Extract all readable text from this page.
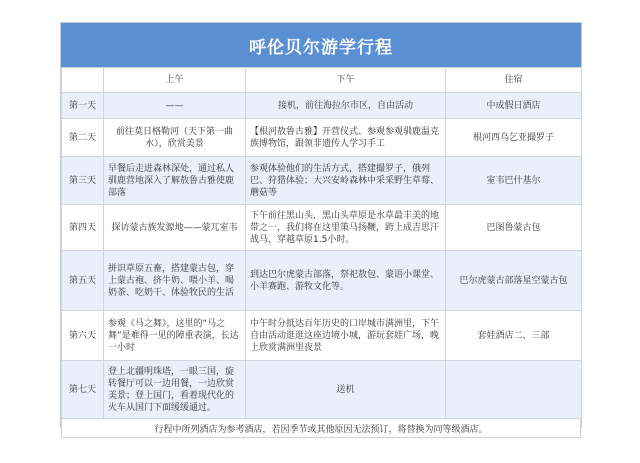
呼伦贝尔游学行程
	上午	下午	住宿
第一天	——	接机，前往海拉尔市区，自由活动	中成假日酒店
第二天	前往莫日格勒河（天下第一曲水），欣赏美景	【根河敖鲁古雅】开营仪式、参观参观驯鹿温克族博物馆，跟领非遗传人学习手工	根河西乌乞亚撮罗子
第三天	早餐后走进森林深处，通过私人驯鹿营地深入了解敖鲁古雅使鹿部落	参观体验他们的生活方式，搭建撮罗子，俄列巴、狩猎体验；大兴安岭森林中采采野生草莓、蘑菇等	室韦巴什基尔
第四天	探访蒙古族发源地——蒙兀室韦	下午前往黑山头，黑山头草原是水草最丰美的地带之一，我们将在这里策马扬鞭，跨上成吉思汗战马，穿越草原1.5小时。	巴图鲁蒙古包
第五天	拼识草原五畜，搭建蒙古包，穿上蒙古袍、挤牛奶、喂小羊、喝奶茶、吃奶干、体验牧民的生活	到达巴尔虎蒙古部落，祭祀敖包、蒙语小课堂、小羊赛跑、游牧文化等。	巴尔虎蒙古部落星空蒙古包
第六天	参观《马之舞》，这里的“马之舞”是难得一见的障重表演，长达一小时	中午时分抵达百年历史的口岸城市满洲里，下午自由活动逛逛这座边境小城，游玩套娃广场，晚上欣赏满洲里夜景	套娃酒店二、三部
第七天	登上北疆明珠塔，一眼三国，旋转餐厅可以一边用餐，一边欣赏美景；登上国门，看着现代化的火车从国门下面缓缓通过。	送机	
行程中所列酒店为参考酒店，若因季节或其他原因无法预订，将替换为同等级酒店。
